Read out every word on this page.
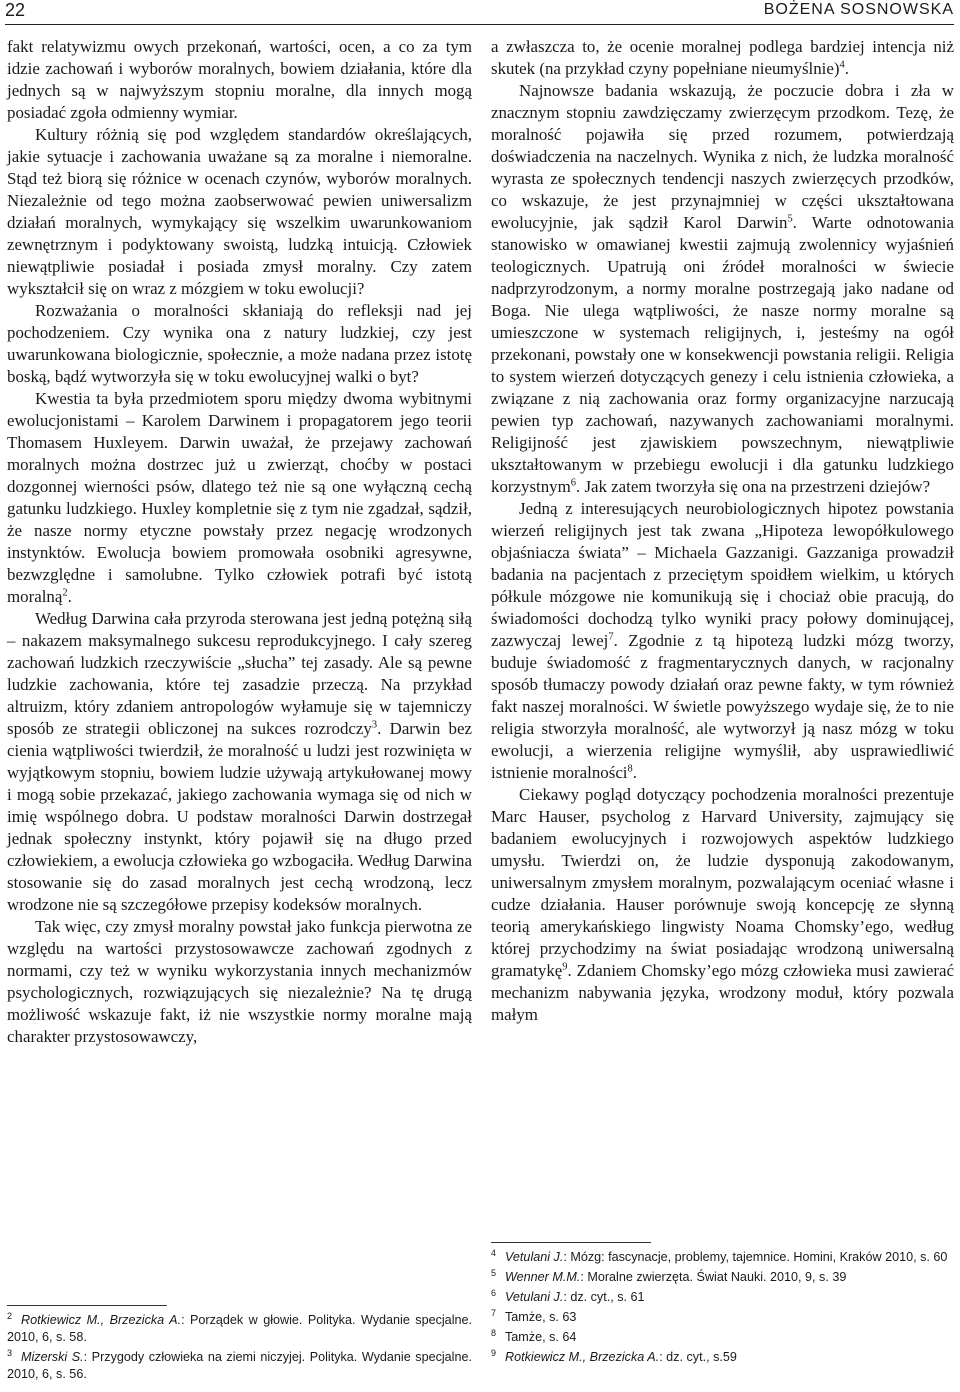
22	BOŻENA SOSNOWSKA

fakt relatywizmu owych przekonań, wartości, ocen, a co za tym idzie zachowań i wyborów moralnych, bowiem działania, które dla jednych są w najwyższym stopniu moralne, dla innych mogą posiadać zgoła odmienny wymiar.

Kultury różnią się pod względem standardów określających, jakie sytuacje i zachowania uważane są za moralne i niemoralne. Stąd też biorą się różnice w ocenach czynów, wyborów moralnych. Niezależnie od tego można zaobserwować pewien uniwersalizm działań moralnych, wymykający się wszelkim uwarunkowaniom zewnętrznym i podyktowany swoistą, ludzką intuicją. Człowiek niewątpliwie posiadał i posiada zmysł moralny. Czy zatem wykształcił się on wraz z mózgiem w toku ewolucji?

Rozważania o moralności skłaniają do refleksji nad jej pochodzeniem. Czy wynika ona z natury ludzkiej, czy jest uwarunkowana biologicznie, społecznie, a może nadana przez istotę boską, bądź wytworzyła się w toku ewolucyjnej walki o byt?

Kwestia ta była przedmiotem sporu między dwoma wybitnymi ewolucjonistami – Karolem Darwinem i propagatorem jego teorii Thomasem Huxleyem. Darwin uważał, że przejawy zachowań moralnych można dostrzec już u zwierząt, choćby w postaci dozgonnej wierności psów, dlatego też nie są one wyłączną cechą gatunku ludzkiego. Huxley kompletnie się z tym nie zgadzał, sądził, że nasze normy etyczne powstały przez negację wrodzonych instynktów. Ewolucja bowiem promowała osobniki agresywne, bezwzględne i samolubne. Tylko człowiek potrafi być istotą moralną$^2$.

Według Darwina cała przyroda sterowana jest jedną potężną siłą – nakazem maksymalnego sukcesu reprodukcyjnego. I cały szereg zachowań ludzkich rzeczywiście „słucha” tej zasady. Ale są pewne ludzkie zachowania, które tej zasadzie przeczą. Na przykład altruizm, który zdaniem antropologów wyłamuje się w tajemniczy sposób ze strategii obliczonej na sukces rozrodczy$^3$. Darwin bez cienia wątpliwości twierdził, że moralność u ludzi jest rozwinięta w wyjątkowym stopniu, bowiem ludzie używają artykułowanej mowy i mogą sobie przekazać, jakiego zachowania wymaga się od nich w imię wspólnego dobra. U podstaw moralności Darwin dostrzegał jednak społeczny instynkt, który pojawił się na długo przed człowiekiem, a ewolucja człowieka go wzbogaciła. Według Darwina stosowanie się do zasad moralnych jest cechą wrodzoną, lecz wrodzone nie są szczegółowe przepisy kodeksów moralnych.

Tak więc, czy zmysł moralny powstał jako funkcja pierwotna ze względu na wartości przystosowawcze zachowań zgodnych z normami, czy też w wyniku wykorzystania innych mechanizmów psychologicznych, rozwiązujących się niezależnie? Na tę drugą możliwość wskazuje fakt, iż nie wszystkie normy moralne mają charakter przystosowawczy,

2 Rotkiewicz M., Brzezicka A.: Porządek w głowie. Polityka. Wydanie specjalne. 2010, 6, s. 58.

3 Mizerski S.: Przygody człowieka na ziemi niczyjej. Polityka. Wydanie specjalne. 2010, 6, s. 56.

a zwłaszcza to, że ocenie moralnej podlega bardziej intencja niż skutek (na przykład czyny popełniane nieumyślnie)$^4$.

Najnowsze badania wskazują, że poczucie dobra i zła w znacznym stopniu zawdzięczamy zwierzęcym przodkom. Tezę, że moralność pojawiła się przed rozumem, potwierdzają doświadczenia na naczelnych. Wynika z nich, że ludzka moralność wyrasta ze społecznych tendencji naszych zwierzęcych przodków, co wskazuje, że jest przynajmniej w części ukształtowana ewolucyjnie, jak sądził Karol Darwin$^5$. Warte odnotowania stanowisko w omawianej kwestii zajmują zwolennicy wyjaśnień teologicznych. Upatrują oni źródeł moralności w świecie nadprzyrodzonym, a normy moralne postrzegają jako nadane od Boga. Nie ulega wątpliwości, że nasze normy moralne są umieszczone w systemach religijnych, i, jesteśmy na ogół przekonani, powstały one w konsekwencji powstania religii. Religia to system wierzeń dotyczących genezy i celu istnienia człowieka, a związane z nią zachowania oraz formy organizacyjne narzucają pewien typ zachowań, nazywanych zachowaniami moralnymi. Religijność jest zjawiskiem powszechnym, niewątpliwie ukształtowanym w przebiegu ewolucji i dla gatunku ludzkiego korzystnym$^6$. Jak zatem tworzyła się ona na przestrzeni dziejów?

Jedną z interesujących neurobiologicznych hipotez powstania wierzeń religijnych jest tak zwana „Hipoteza lewopółkulowego objaśniacza świata” – Michaela Gazzanigi. Gazzaniga prowadził badania na pacjentach z przeciętym spoidłem wielkim, u których półkule mózgowe nie komunikują się i chociaż obie pracują, do świadomości dochodzą tylko wyniki pracy połowy dominującej, zazwyczaj lewej$^7$. Zgodnie z tą hipotezą ludzki mózg tworzy, buduje świadomość z fragmentarycznych danych, w racjonalny sposób tłumaczy powody działań oraz pewne fakty, w tym również fakt naszej moralności. W świetle powyższego wydaje się, że to nie religia stworzyła moralność, ale wytworzył ją nasz mózg w toku ewolucji, a wierzenia religijne wymyślił, aby usprawiedliwić istnienie moralności$^8$.

Ciekawy pogląd dotyczący pochodzenia moralności prezentuje Marc Hauser, psycholog z Harvard University, zajmujący się badaniem ewolucyjnych i rozwojowych aspektów ludzkiego umysłu. Twierdzi on, że ludzie dysponują zakodowanym, uniwersalnym zmysłem moralnym, pozwalającym oceniać własne i cudze działania. Hauser porównuje swoją koncepcję ze słynną teorią amerykańskiego lingwisty Noama Chomsky’ego, według której przychodzimy na świat posiadając wrodzoną uniwersalną gramatykę$^9$. Zdaniem Chomsky’ego mózg człowieka musi zawierać mechanizm nabywania języka, wrodzony moduł, który pozwala małym

4 Vetulani J.: Mózg: fascynacje, problemy, tajemnice. Homini, Kraków 2010, s. 60

5 Wenner M.M.: Moralne zwierzęta. Świat Nauki. 2010, 9, s. 39

6 Vetulani J.: dz. cyt., s. 61

7 Tamże, s. 63

8 Tamże, s. 64

9 Rotkiewicz M., Brzezicka A.: dz. cyt., s.59
